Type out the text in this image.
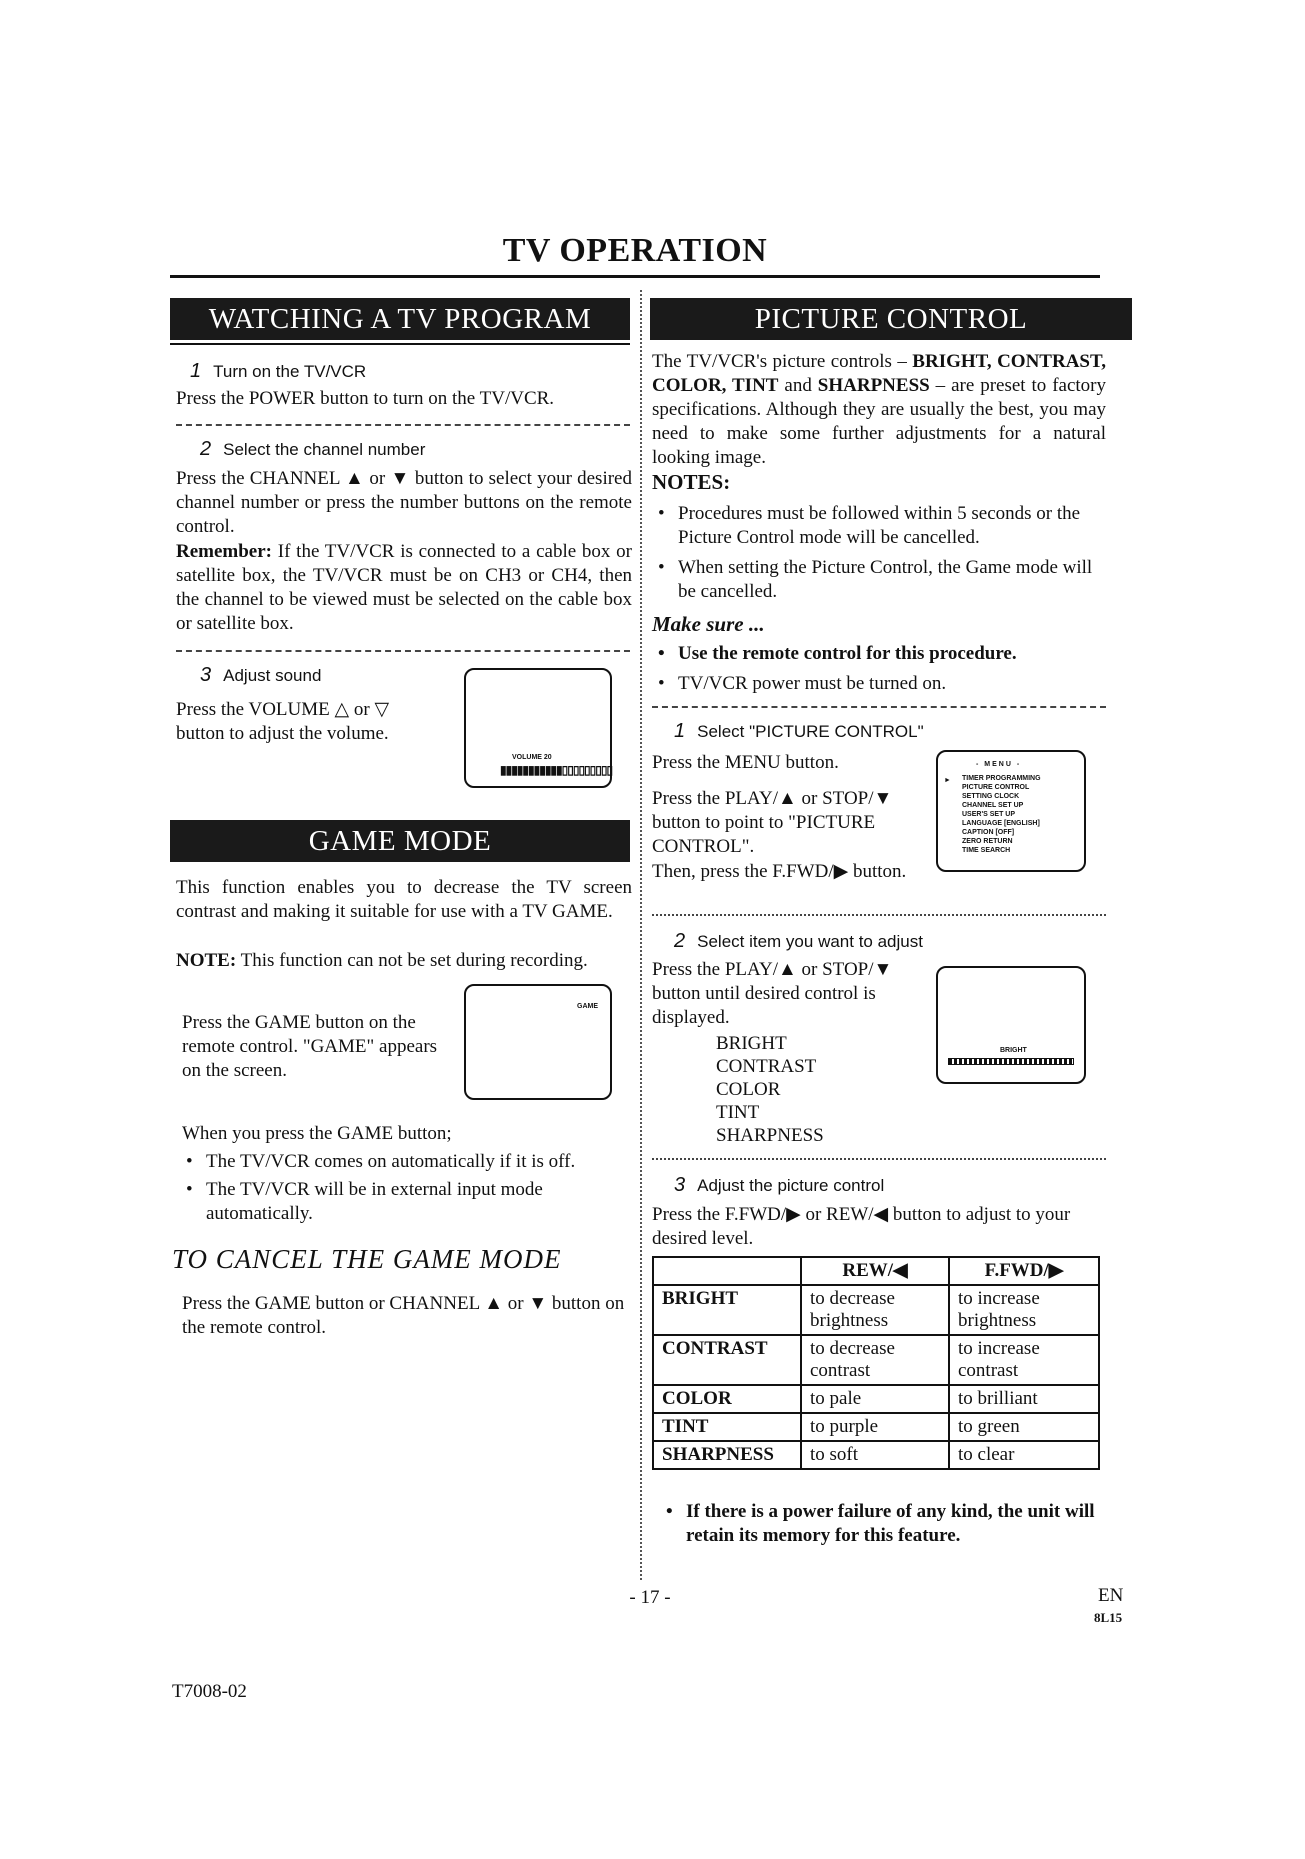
TV OPERATION
WATCHING A TV PROGRAM
1 Turn on the TV/VCR

Press the POWER button to turn on the TV/VCR.

2 Select the channel number

Press the CHANNEL ▲ or ▼ button to select your desired channel number or press the number buttons on the remote control.

Remember: If the TV/VCR is connected to a cable box or satellite box, the TV/VCR must be on CH3 or CH4, then the channel to be viewed must be selected on the cable box or satellite box.

3 Adjust sound

Press the VOLUME △ or ▽ button to adjust the volume.

VOLUME 20
▮▮▮▮▮▮▮▮▮▮▮▯▯▯▯▯▯▯▯▯
GAME MODE

This function enables you to decrease the TV screen contrast and making it suitable for use with a TV GAME.

NOTE: This function can not be set during recording.

Press the GAME button on the remote control. "GAME" appears on the screen.

GAME

When you press the GAME button;

• The TV/VCR comes on automatically if it is off.
• The TV/VCR will be in external input mode automatically.
TO CANCEL THE GAME MODE

Press the GAME button or CHANNEL ▲ or ▼ button on the remote control.

PICTURE CONTROL

The TV/VCR's picture controls – BRIGHT, CONTRAST, COLOR, TINT and SHARPNESS – are preset to factory specifications. Although they are usually the best, you may need to make some further adjustments for a natural looking image.

NOTES:
• Procedures must be followed within 5 seconds or the Picture Control mode will be cancelled.
• When setting the Picture Control, the Game mode will be cancelled.
Make sure ...
• Use the remote control for this procedure.
• TV/VCR power must be turned on.
1 Select "PICTURE CONTROL"

Press the MENU button.

Press the PLAY/▲ or STOP/▼ button to point to "PICTURE CONTROL".

Then, press the F.FWD/▶ button.

- MENU -
► TIMER PROGRAMMING
PICTURE CONTROL
SETTING CLOCK
CHANNEL SET UP
USER'S SET UP
LANGUAGE [ENGLISH]
CAPTION [OFF]
ZERO RETURN
TIME SEARCH
2 Select item you want to adjust

Press the PLAY/▲ or STOP/▼ button until desired control is displayed.

BRIGHT
CONTRAST
COLOR
TINT
SHARPNESS
BRIGHT
3 Adjust the picture control

Press the F.FWD/▶ or REW/◀ button to adjust to your desired level.

	REW/◀	F.FWD/▶
BRIGHT	to decrease brightness	to increase brightness
CONTRAST	to decrease contrast	to increase contrast
COLOR	to pale	to brilliant
TINT	to purple	to green
SHARPNESS	to soft	to clear
• If there is a power failure of any kind, the unit will retain its memory for this feature.
- 17 -	EN
8L15
T7008-02
